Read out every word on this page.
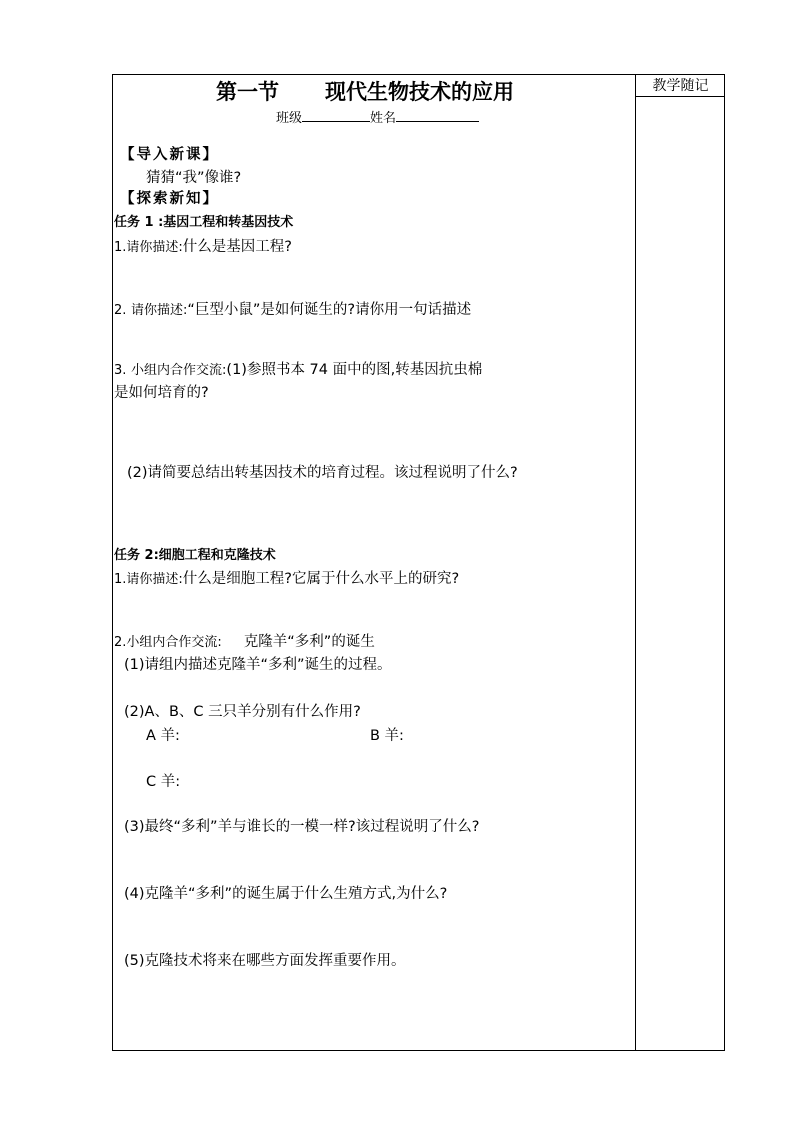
教学随记
第一节 现代生物技术的应用
班级	姓名
【导入新课】
猜猜“我”像谁?
【探索新知】
任务 1 :基因工程和转基因技术
1.请你描述:什么是基因工程?
2. 请你描述:“巨型小鼠”是如何诞生的?请你用一句话描述
3. 小组内合作交流:(1)参照书本 74 面中的图,转基因抗虫棉
是如何培育的?
(2)请简要总结出转基因技术的培育过程。该过程说明了什么?
任务 2:细胞工程和克隆技术
1.请你描述:什么是细胞工程?它属于什么水平上的研究?
2.小组内合作交流: 克隆羊“多利”的诞生
(1)请组内描述克隆羊“多利”诞生的过程。
(2)A、B、C 三只羊分别有什么作用?
A 羊:	B 羊:
C 羊:
(3)最终“多利”羊与谁长的一模一样?该过程说明了什么?
(4)克隆羊“多利”的诞生属于什么生殖方式,为什么?
(5)克隆技术将来在哪些方面发挥重要作用。
